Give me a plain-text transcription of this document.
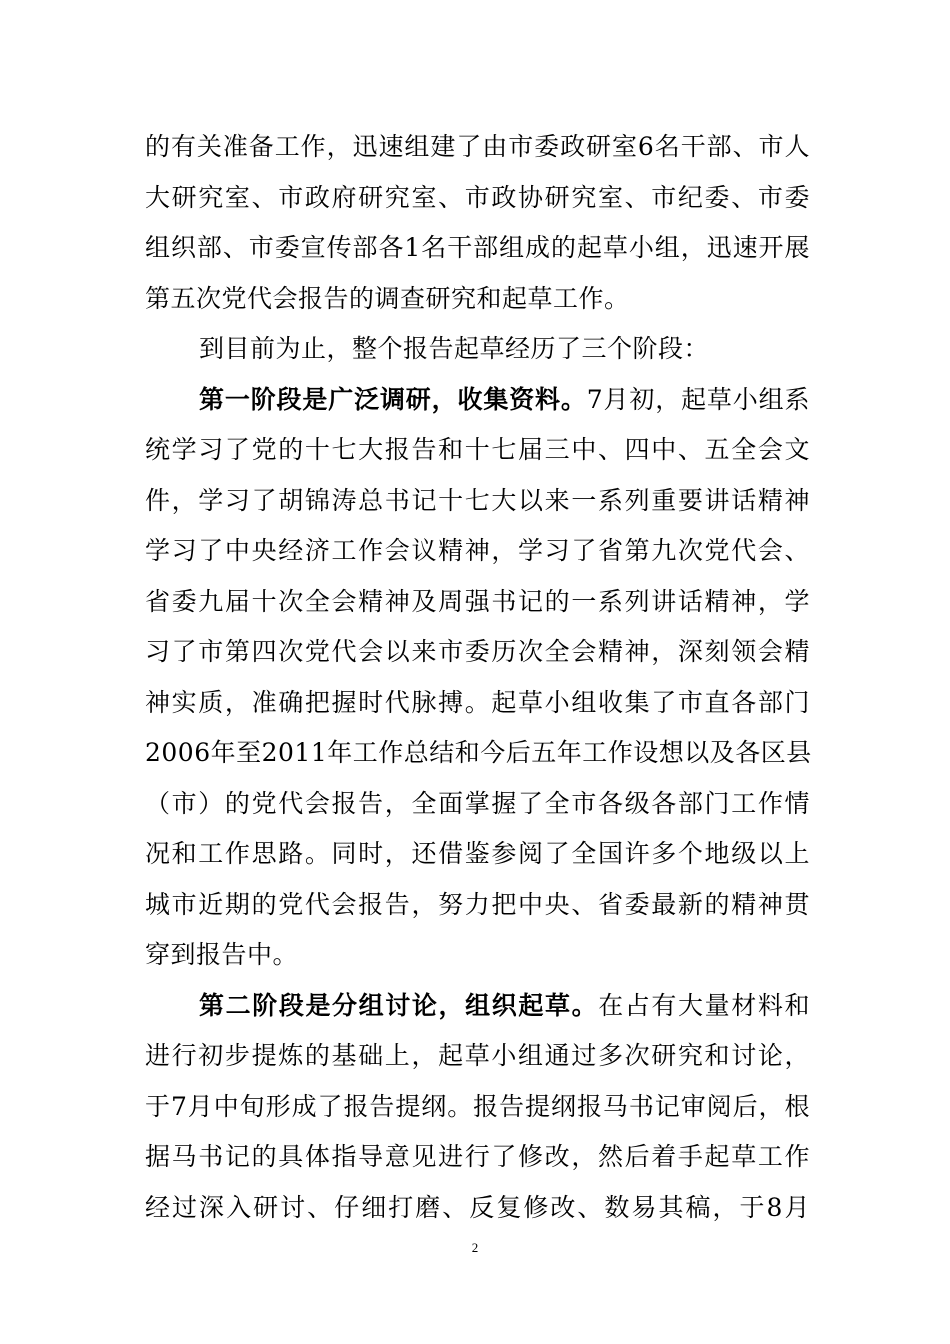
的有关准备工作，迅速组建了由市委政研室6名干部、市人
大研究室、市政府研究室、市政协研究室、市纪委、市委
组织部、市委宣传部各1名干部组成的起草小组，迅速开展
第五次党代会报告的调查研究和起草工作。
到目前为止，整个报告起草经历了三个阶段：
第一阶段是广泛调研，收集资料。7月初，起草小组系
统学习了党的十七大报告和十七届三中、四中、五全会文
件，学习了胡锦涛总书记十七大以来一系列重要讲话精神
学习了中央经济工作会议精神，学习了省第九次党代会、
省委九届十次全会精神及周强书记的一系列讲话精神，学
习了市第四次党代会以来市委历次全会精神，深刻领会精
神实质，准确把握时代脉搏。起草小组收集了市直各部门
2006年至2011年工作总结和今后五年工作设想以及各区县
（市）的党代会报告，全面掌握了全市各级各部门工作情
况和工作思路。同时，还借鉴参阅了全国许多个地级以上
城市近期的党代会报告，努力把中央、省委最新的精神贯
穿到报告中。
第二阶段是分组讨论，组织起草。在占有大量材料和
进行初步提炼的基础上，起草小组通过多次研究和讨论，
于7月中旬形成了报告提纲。报告提纲报马书记审阅后，根
据马书记的具体指导意见进行了修改，然后着手起草工作
经过深入研讨、仔细打磨、反复修改、数易其稿，于8月
2
